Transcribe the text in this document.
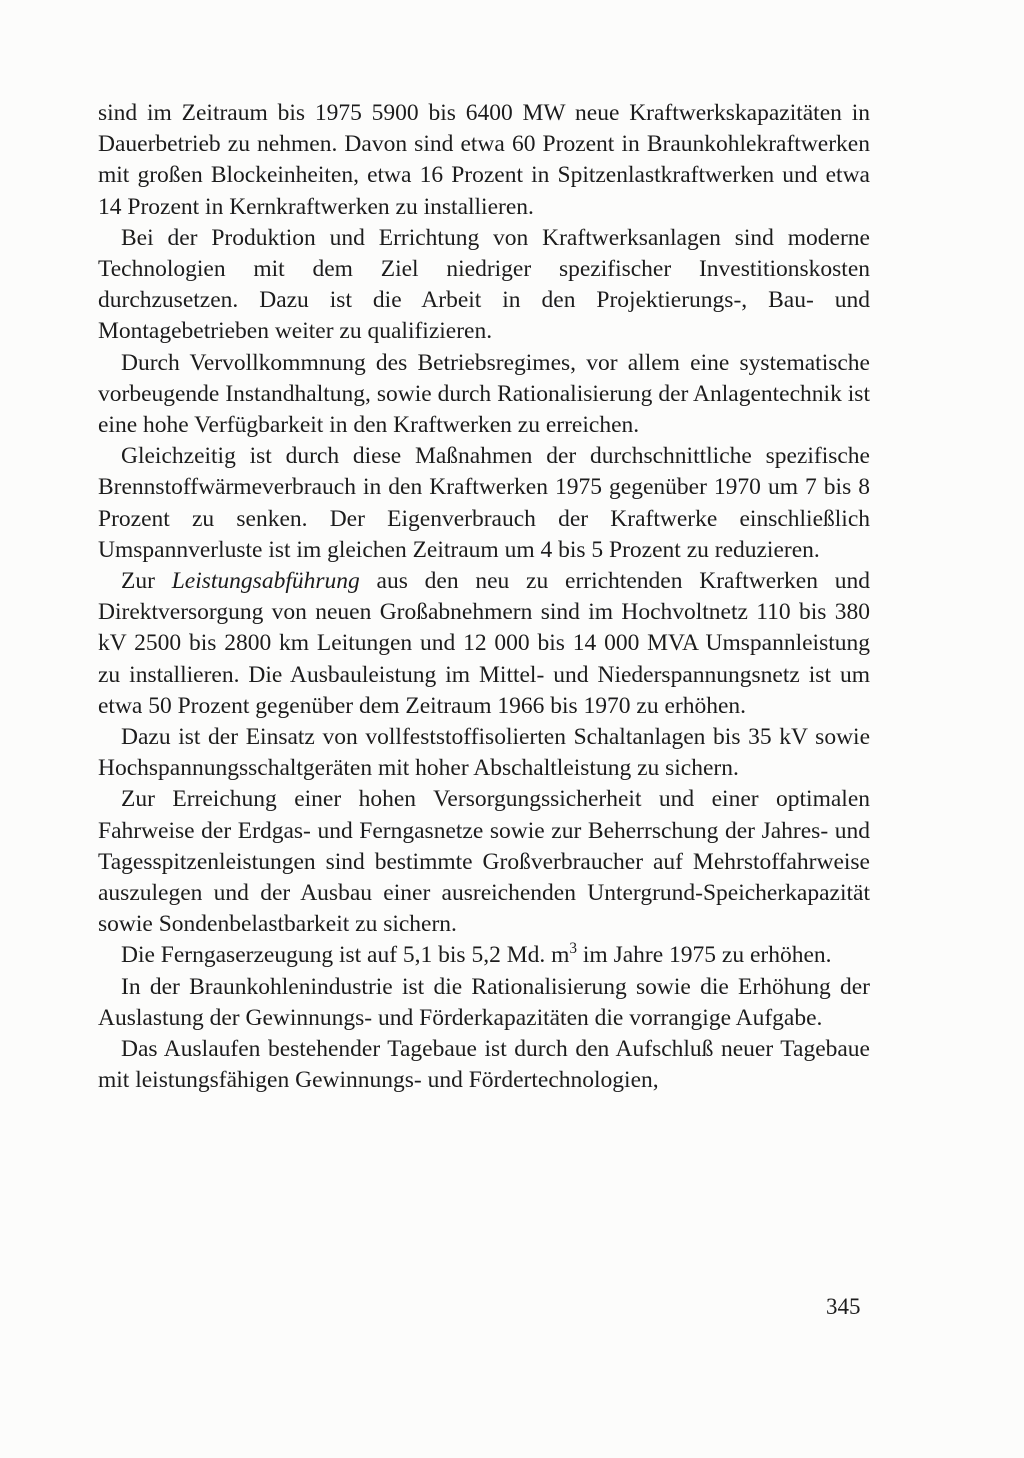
sind im Zeitraum bis 1975 5900 bis 6400 MW neue Kraftwerkskapazitäten in Dauerbetrieb zu nehmen. Davon sind etwa 60 Prozent in Braunkohlekraftwerken mit großen Blockeinheiten, etwa 16 Prozent in Spitzenlastkraftwerken und etwa 14 Prozent in Kernkraftwerken zu installieren.

Bei der Produktion und Errichtung von Kraftwerksanlagen sind moderne Technologien mit dem Ziel niedriger spezifischer Investitionskosten durchzusetzen. Dazu ist die Arbeit in den Projektierungs-, Bau- und Montagebetrieben weiter zu qualifizieren.

Durch Vervollkommnung des Betriebsregimes, vor allem eine systematische vorbeugende Instandhaltung, sowie durch Rationalisierung der Anlagentechnik ist eine hohe Verfügbarkeit in den Kraftwerken zu erreichen.

Gleichzeitig ist durch diese Maßnahmen der durchschnittliche spezifische Brennstoffwärmeverbrauch in den Kraftwerken 1975 gegenüber 1970 um 7 bis 8 Prozent zu senken. Der Eigenverbrauch der Kraftwerke einschließlich Umspannverluste ist im gleichen Zeitraum um 4 bis 5 Prozent zu reduzieren.

Zur Leistungsabführung aus den neu zu errichtenden Kraftwerken und Direktversorgung von neuen Großabnehmern sind im Hochvoltnetz 110 bis 380 kV 2500 bis 2800 km Leitungen und 12 000 bis 14 000 MVA Umspannleistung zu installieren. Die Ausbauleistung im Mittel- und Niederspannungsnetz ist um etwa 50 Prozent gegenüber dem Zeitraum 1966 bis 1970 zu erhöhen.

Dazu ist der Einsatz von vollfeststoffisolierten Schaltanlagen bis 35 kV sowie Hochspannungsschaltgeräten mit hoher Abschaltleistung zu sichern.

Zur Erreichung einer hohen Versorgungssicherheit und einer optimalen Fahrweise der Erdgas- und Ferngasnetze sowie zur Beherrschung der Jahres- und Tagesspitzenleistungen sind bestimmte Großverbraucher auf Mehrstoffahrweise auszulegen und der Ausbau einer ausreichenden Untergrund-Speicherkapazität sowie Sondenbelastbarkeit zu sichern.

Die Ferngaserzeugung ist auf 5,1 bis 5,2 Md. $m^3$ im Jahre 1975 zu erhöhen.

In der Braunkohlenindustrie ist die Rationalisierung sowie die Erhöhung der Auslastung der Gewinnungs- und Förderkapazitäten die vorrangige Aufgabe.

Das Auslaufen bestehender Tagebaue ist durch den Aufschluß neuer Tagebaue mit leistungsfähigen Gewinnungs- und Fördertechnologien,

345
